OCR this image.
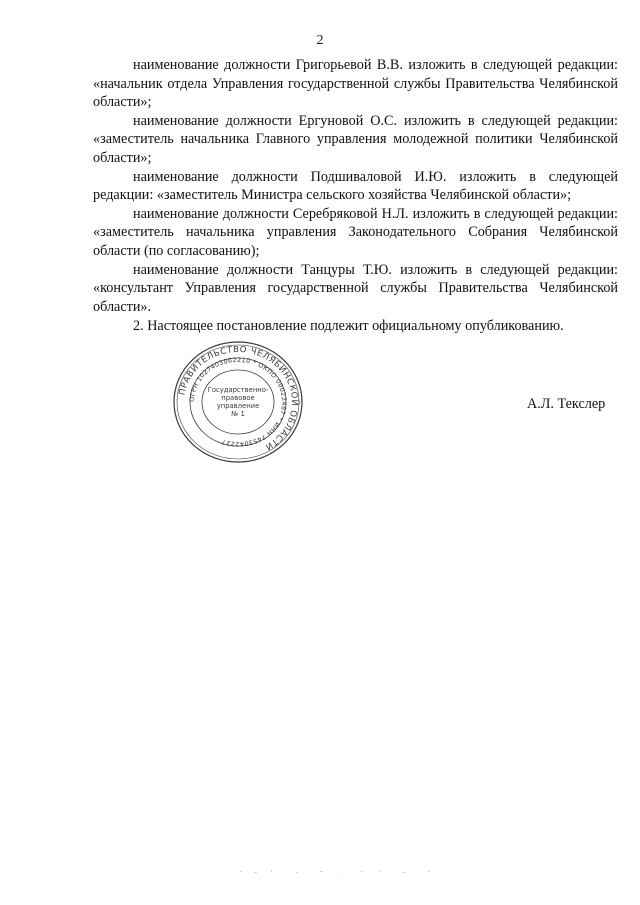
2

наименование должности Григорьевой В.В. изложить в следующей редакции: «начальник отдела Управления государственной службы Правительства Челябинской области»;

наименование должности Ергуновой О.С. изложить в следующей редакции: «заместитель начальника Главного управления молодежной политики Челябинской области»;

наименование должности Подшиваловой И.Ю. изложить в следующей редакции: «заместитель Министра сельского хозяйства Челябинской области»;

наименование должности Серебряковой Н.Л. изложить в следующей редакции: «заместитель начальника управления Законодательного Собрания Челябинской области (по согласованию);

наименование должности Танцуры Т.Ю. изложить в следующей редакции: «консультант Управления государственной службы Правительства Челябинской области».

2. Настоящее постановление подлежит официальному опубликованию.

ПРАВИТЕЛЬСТВО ЧЕЛЯБИНСКОЙ ОБЛАСТИ
ОГРН 1027403862210 * ОКПО 00022487 * ИНН 7453042227
Государственно-
правовое
управление
№ 1
А.Л. Текслер
